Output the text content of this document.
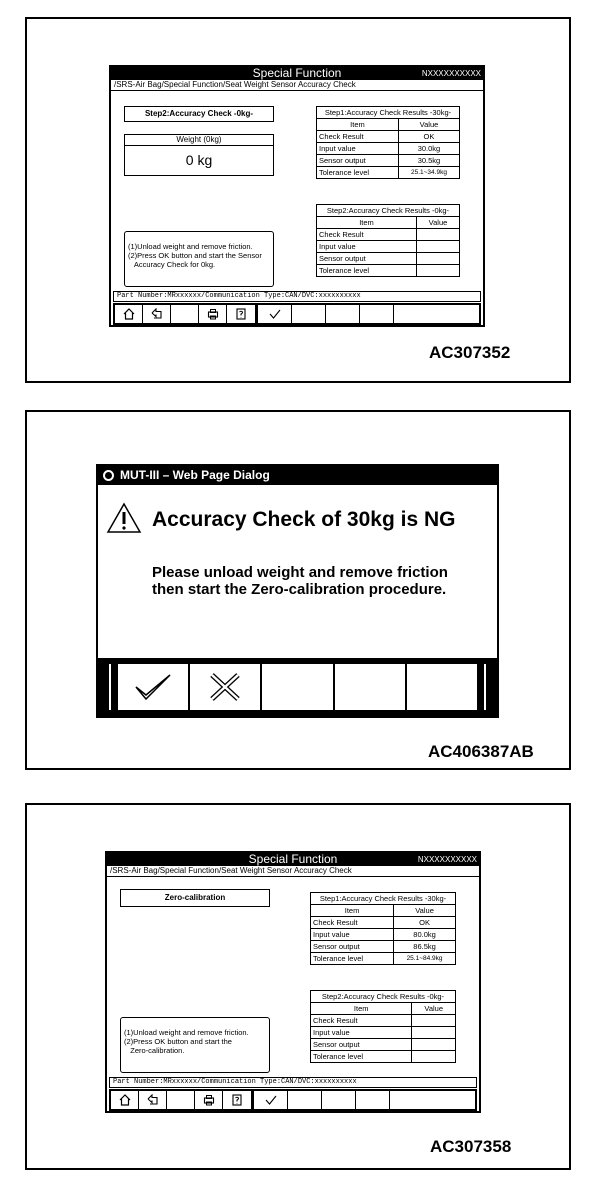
Special Function	NXXXXXXXXXX
/SRS-Air Bag/Special Function/Seat Weight Sensor Accuracy Check
Step2:Accuracy Check -0kg-
Weight (0kg)
0 kg
(1)Unload weight and remove friction.
(2)Press OK button and start the Sensor
Accuracy Check for 0kg.
Step1:Accuracy Check Results -30kg-	
Item	Value
Check Result	OK
Input value	30.0kg
Sensor output	30.5kg
Tolerance level	25.1~34.9kg
Step2:Accuracy Check Results -0kg-	
Item	Value
Check Result	
Input value	
Sensor output	
Tolerance level	
Part Number:MRxxxxxx/Communication Type:CAN/DVC:xxxxxxxxxx
AC307352
MUT-III – Web Page Dialog
Accuracy Check of 30kg is NG
Please unload weight and remove friction
then start the Zero-calibration procedure.
AC406387AB
Special Function	NXXXXXXXXXX
/SRS-Air Bag/Special Function/Seat Weight Sensor Accuracy Check
Zero-calibration
(1)Unload weight and remove friction.
(2)Press OK button and start the
Zero-calibration.
Step1:Accuracy Check Results -30kg-	
Item	Value
Check Result	OK
Input value	80.0kg
Sensor output	86.5kg
Tolerance level	25.1~84.9kg
Step2:Accuracy Check Results -0kg-	
Item	Value
Check Result	
Input value	
Sensor output	
Tolerance level	
Part Number:MRxxxxxx/Communication Type:CAN/DVC:xxxxxxxxxx
AC307358
